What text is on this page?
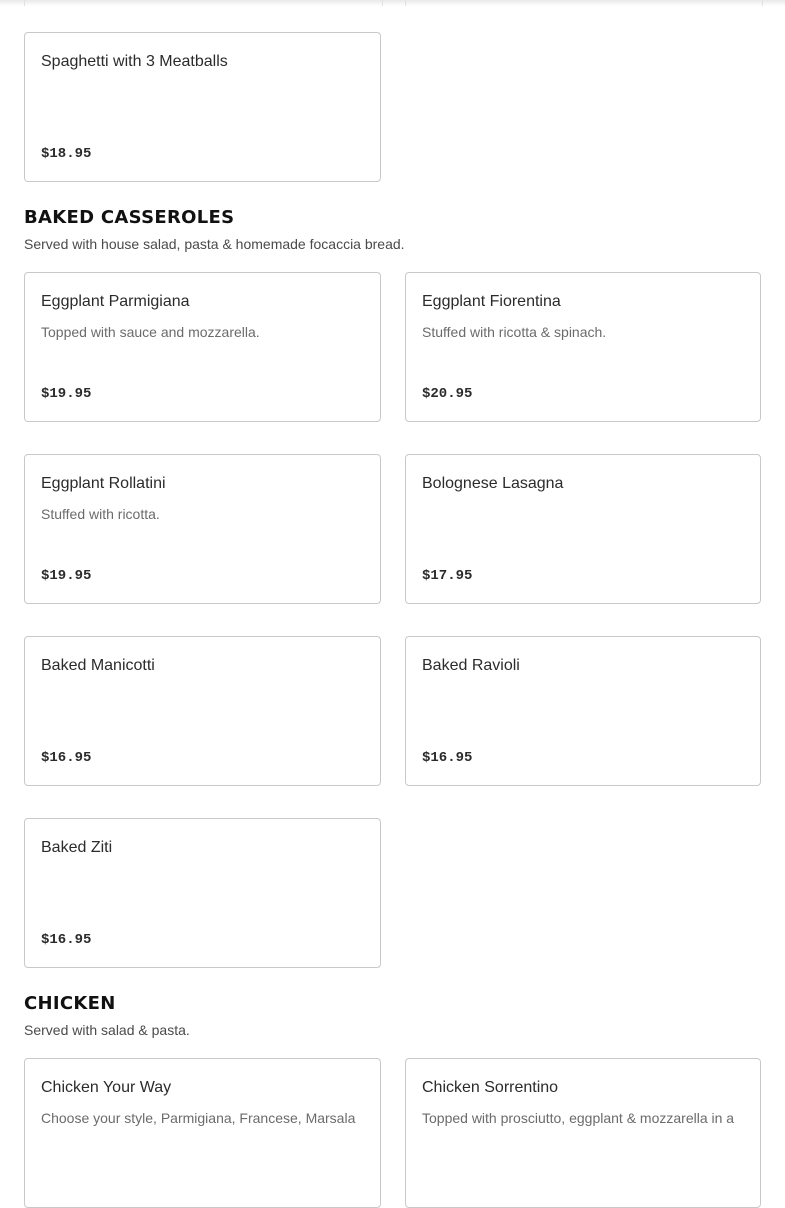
Spaghetti with 3 Meatballs
$18.95
BAKED CASSEROLES
Served with house salad, pasta & homemade focaccia bread.
Eggplant Parmigiana
Topped with sauce and mozzarella.
$19.95
Eggplant Fiorentina
Stuffed with ricotta & spinach.
$20.95
Eggplant Rollatini
Stuffed with ricotta.
$19.95
Bolognese Lasagna
$17.95
Baked Manicotti
$16.95
Baked Ravioli
$16.95
Baked Ziti
$16.95
CHICKEN
Served with salad & pasta.
Chicken Your Way
Choose your style, Parmigiana, Francese, Marsala
Chicken Sorrentino
Topped with prosciutto, eggplant & mozzarella in a
